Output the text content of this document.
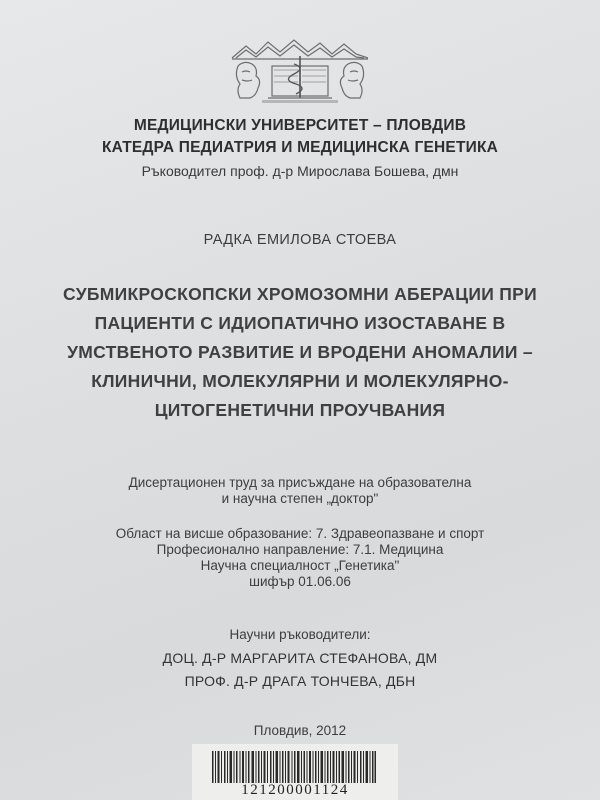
МЕДИЦИНСКИ УНИВЕРСИТЕТ – ПЛОВДИВ
КАТЕДРА ПЕДИАТРИЯ И МЕДИЦИНСКА ГЕНЕТИКА
Ръководител проф. д-р Мирослава Бошева, дмн
РАДКА ЕМИЛОВА СТОЕВА
СУБМИКРОСКОПСКИ ХРОМОЗОМНИ АБЕРАЦИИ ПРИ
ПАЦИЕНТИ С ИДИОПАТИЧНО ИЗОСТАВАНЕ В
УМСТВЕНОТО РАЗВИТИЕ И ВРОДЕНИ АНОМАЛИИ –
КЛИНИЧНИ, МОЛЕКУЛЯРНИ И МОЛЕКУЛЯРНО-
ЦИТОГЕНЕТИЧНИ ПРОУЧВАНИЯ
Дисертационен труд за присъждане на образователна
и научна степен „доктор"
Област на висше образование: 7. Здравеопазване и спорт
Професионално направление: 7.1. Медицина
Научна специалност „Генетика"
шифър 01.06.06
Научни ръководители:
ДОЦ. Д-Р МАРГАРИТА СТЕФАНОВА, ДМ
ПРОФ. Д-Р ДРАГА ТОНЧЕВА, ДБН
Пловдив, 2012
121200001124
